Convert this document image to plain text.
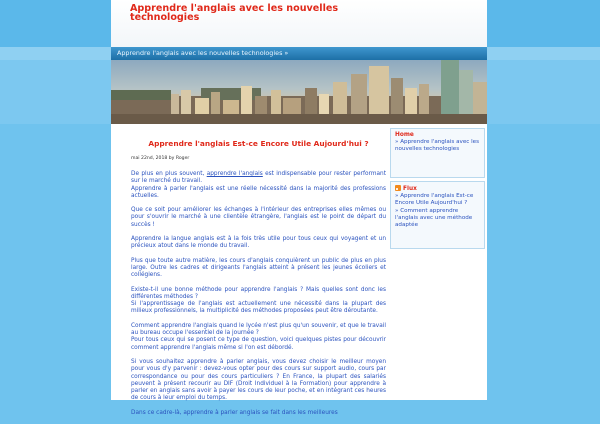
Apprendre l'anglais avec les nouvelles technologies
Apprendre l'anglais avec les nouvelles technologies »
Apprendre l'anglais Est-ce Encore Utile Aujourd'hui ?
mai 22nd, 2018 by Roger

De plus en plus souvent, apprendre l'anglais est indispensable pour rester performant sur le marché du travail.
Apprendre à parler l'anglais est une réelle nécessité dans la majorité des professions actuelles.

Que ce soit pour améliorer les échanges à l'intérieur des entreprises elles mêmes ou pour s'ouvrir le marché à une clientèle étrangère, l'anglais est le point de départ du succès !

Apprendre la langue anglais est à la fois très utile pour tous ceux qui voyagent et un précieux atout dans le monde du travail.

Plus que toute autre matière, les cours d'anglais conquièrent un public de plus en plus large. Outre les cadres et dirigeants l'anglais atteint à présent les jeunes écoliers et collégiens.

Existe-t-il une bonne méthode pour apprendre l'anglais ? Mais quelles sont donc les différentes méthodes ?
Si l'apprentissage de l'anglais est actuellement une nécessité dans la plupart des milieux professionnels, la multiplicité des méthodes proposées peut être déroutante.

Comment apprendre l'anglais quand le lycée n'est plus qu'un souvenir, et que le travail au bureau occupe l'essentiel de la journée ?
Pour tous ceux qui se posent ce type de question, voici quelques pistes pour découvrir comment apprendre l'anglais même si l'on est débordé.

Si vous souhaitez apprendre à parler anglais, vous devez choisir le meilleur moyen pour vous d'y parvenir : devez-vous opter pour des cours sur support audio, cours par correspondance ou pour des cours particuliers ? En France, la plupart des salariés peuvent à présent recourir au DIF (Droit Individuel à la Formation) pour apprendre à parler en anglais sans avoir à payer les cours de leur poche, et en intégrant ces heures de cours à leur emploi du temps.

Dans ce cadre-là, apprendre à parler anglais se fait dans les meilleures

Home
» Apprendre l'anglais avec les nouvelles technologies
Flux
» Apprendre l'anglais Est-ce Encore Utile Aujourd'hui ?
» Comment apprendre l'anglais avec une méthode adaptée
